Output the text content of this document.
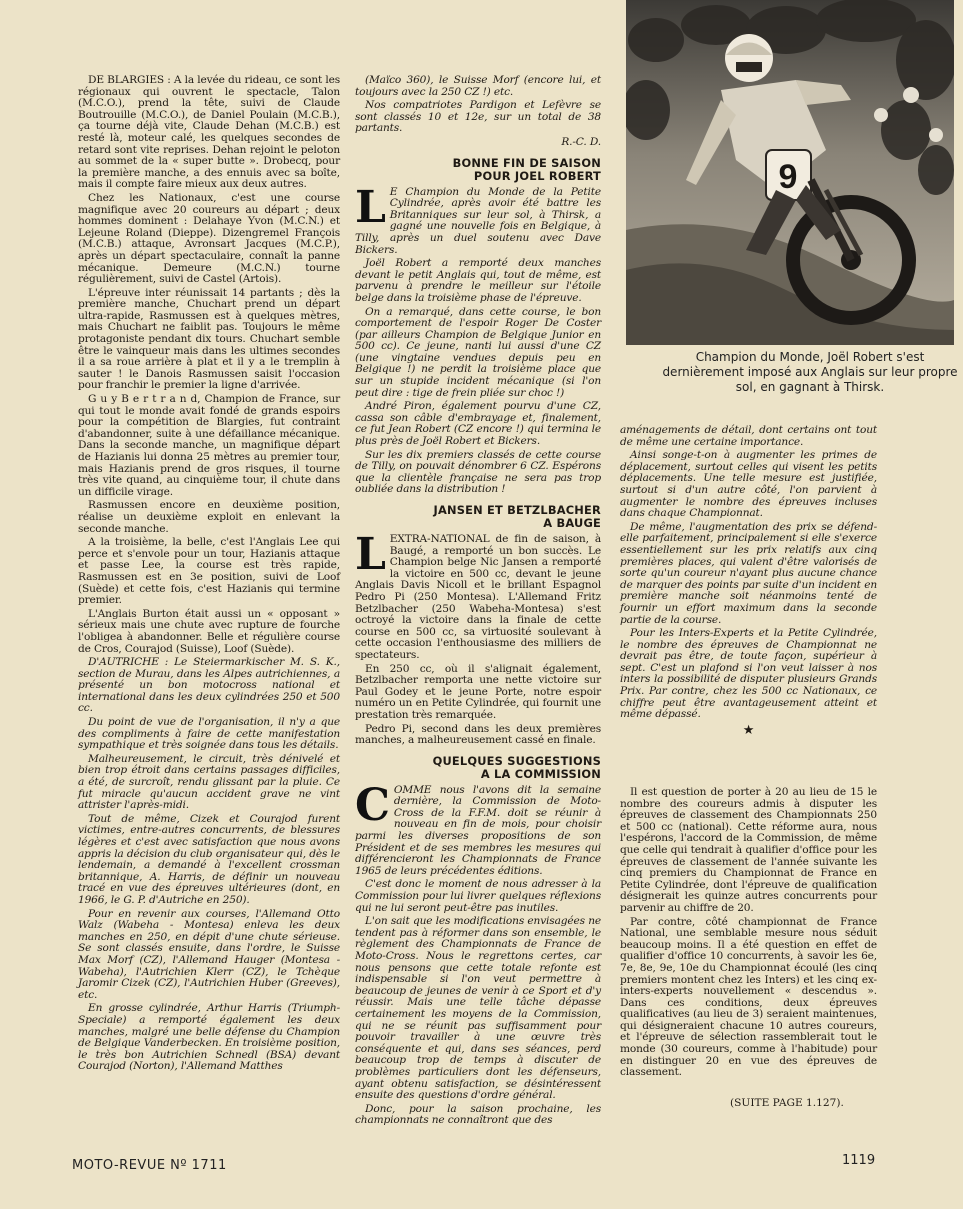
9
Champion du Monde, Joël Robert s'est dernièrement imposé aux Anglais sur leur propre sol, en gagnant à Thirsk.

DE BLARGIES : A la levée du rideau, ce sont les régionaux qui ouvrent le spectacle, Talon (M.C.O.), prend la tête, suivi de Claude Boutrouille (M.C.O.), de Daniel Poulain (M.C.B.), ça tourne déjà vite, Claude Dehan (M.C.B.) est resté là, moteur calé, les quelques secondes de retard sont vite reprises. Dehan rejoint le peloton au sommet de la « super butte ». Drobecq, pour la première manche, a des ennuis avec sa boîte, mais il compte faire mieux aux deux autres.

Chez les Nationaux, c'est une course magnifique avec 20 coureurs au départ ; deux hommes dominent : Delahaye Yvon (M.C.N.) et Lejeune Roland (Dieppe). Dizengremel François (M.C.B.) attaque, Avronsart Jacques (M.C.P.), après un départ spectaculaire, connaît la panne mécanique. Demeure (M.C.N.) tourne régulièrement, suivi de Castel (Artois).

L'épreuve inter réunissait 14 partants ; dès la première manche, Chuchart prend un départ ultra-rapide, Rasmussen est à quelques mètres, mais Chuchart ne faiblit pas. Toujours le même protagoniste pendant dix tours. Chuchart semble être le vainqueur mais dans les ultimes secondes il a sa roue arrière à plat et il y a le tremplin à sauter ! le Danois Rasmussen saisit l'occasion pour franchir le premier la ligne d'arrivée.

G u y B e r t r a n d, Champion de France, sur qui tout le monde avait fondé de grands espoirs pour la compétition de Blargies, fut contraint d'abandonner, suite à une défaillance mécanique. Dans la seconde manche, un magnifique départ de Hazianis lui donna 25 mètres au premier tour, mais Hazianis prend de gros risques, il tourne très vite quand, au cinquième tour, il chute dans un difficile virage.

Rasmussen encore en deuxième position, réalise un deuxième exploit en enlevant la seconde manche.

A la troisième, la belle, c'est l'Anglais Lee qui perce et s'envole pour un tour, Hazianis attaque et passe Lee, la course est très rapide, Rasmussen est en 3e position, suivi de Loof (Suède) et cette fois, c'est Hazianis qui termine premier.

L'Anglais Burton était aussi un « opposant » sérieux mais une chute avec rupture de fourche l'obligea à abandonner. Belle et régulière course de Cros, Courajod (Suisse), Loof (Suède).

D'AUTRICHE : Le Steiermarkischer M. S. K., section de Murau, dans les Alpes autrichiennes, a présenté un bon motocross national et international dans les deux cylindrées 250 et 500 cc.

Du point de vue de l'organisation, il n'y a que des compliments à faire de cette manifestation sympathique et très soignée dans tous les détails.

Malheureusement, le circuit, très dénivelé et bien trop étroit dans certains passages difficiles, a été, de surcroît, rendu glissant par la pluie. Ce fut miracle qu'aucun accident grave ne vint attrister l'après-midi.

Tout de même, Cizek et Courajod furent victimes, entre-autres concurrents, de blessures légères et c'est avec satisfaction que nous avons appris la décision du club organisateur qui, dès le lendemain, a demandé à l'excellent crossman britannique, A. Harris, de définir un nouveau tracé en vue des épreuves ultérieures (dont, en 1966, le G. P. d'Autriche en 250).

Pour en revenir aux courses, l'Allemand Otto Walz (Wabeha - Montesa) enleva les deux manches en 250, en dépit d'une chute sérieuse. Se sont classés ensuite, dans l'ordre, le Suisse Max Morf (CZ), l'Allemand Hauger (Montesa - Wabeha), l'Autrichien Klerr (CZ), le Tchèque Jaromir Cizek (CZ), l'Autrichien Huber (Greeves), etc.

En grosse cylindrée, Arthur Harris (Triumph-Speciale) a remporté également les deux manches, malgré une belle défense du Champion de Belgique Vanderbecken. En troisième position, le très bon Autrichien Schnedl (BSA) devant Courajod (Norton), l'Allemand Matthes

(Maïco 360), le Suisse Morf (encore lui, et toujours avec la 250 CZ !) etc.

Nos compatriotes Pardigon et Lefèvre se sont classés 10 et 12e, sur un total de 38 partants.

R.-C. D.
BONNE FIN DE SAISON
POUR JOEL ROBERT
L E Champion du Monde de la Petite Cylindrée, après avoir été battre les Britanniques sur leur sol, à Thirsk, a gagné une nouvelle fois en Belgique, à Tilly, après un duel soutenu avec Dave Bickers.

Joël Robert a remporté deux manches devant le petit Anglais qui, tout de même, est parvenu à prendre le meilleur sur l'étoile belge dans la troisième phase de l'épreuve.

On a remarqué, dans cette course, le bon comportement de l'espoir Roger De Coster (par ailleurs Champion de Belgique Junior en 500 cc). Ce jeune, nanti lui aussi d'une CZ (une vingtaine vendues depuis peu en Belgique !) ne perdit la troisième place que sur un stupide incident mécanique (si l'on peut dire : tige de frein pliée sur choc !)

André Piron, également pourvu d'une CZ, cassa son câble d'embrayage et, finalement, ce fut Jean Robert (CZ encore !) qui termina le plus près de Joël Robert et Bickers.

Sur les dix premiers classés de cette course de Tilly, on pouvait dénombrer 6 CZ. Espérons que la clientèle française ne sera pas trop oubliée dans la distribution !

JANSEN ET BETZLBACHER
A BAUGE
L EXTRA-NATIONAL de fin de saison, à Baugé, a remporté un bon succès. Le Champion belge Nic Jansen a remporté la victoire en 500 cc, devant le jeune Anglais Davis Nicoll et le brillant Espagnol Pedro Pi (250 Montesa). L'Allemand Fritz Betzlbacher (250 Wabeha-Montesa) s'est octroyé la victoire dans la finale de cette course en 500 cc, sa virtuosité soulevant à cette occasion l'enthousiasme des milliers de spectateurs.

En 250 cc, où il s'alignait également, Betzlbacher remporta une nette victoire sur Paul Godey et le jeune Porte, notre espoir numéro un en Petite Cylindrée, qui fournit une prestation très remarquée.

Pedro Pi, second dans les deux premières manches, a malheureusement cassé en finale.

QUELQUES SUGGESTIONS
A LA COMMISSION
C OMME nous l'avons dit la semaine dernière, la Commission de Moto-Cross de la F.F.M. doit se réunir à nouveau en fin de mois, pour choisir parmi les diverses propositions de son Président et de ses membres les mesures qui différencieront les Championnats de France 1965 de leurs précédentes éditions.

C'est donc le moment de nous adresser à la Commission pour lui livrer quelques réflexions qui ne lui seront peut-être pas inutiles.

L'on sait que les modifications envisagées ne tendent pas à réformer dans son ensemble, le règlement des Championnats de France de Moto-Cross. Nous le regrettons certes, car nous pensons que cette totale refonte est indispensable si l'on veut permettre à beaucoup de jeunes de venir à ce Sport et d'y réussir. Mais une telle tâche dépasse certainement les moyens de la Commission, qui ne se réunit pas suffisamment pour pouvoir travailler à une œuvre très conséquente et qui, dans ses séances, perd beaucoup trop de temps à discuter de problèmes particuliers dont les défenseurs, ayant obtenu satisfaction, se désintéressent ensuite des questions d'ordre général.

Donc, pour la saison prochaine, les championnats ne connaîtront que des

aménagements de détail, dont certains ont tout de même une certaine importance.

Ainsi songe-t-on à augmenter les primes de déplacement, surtout celles qui visent les petits déplacements. Une telle mesure est justifiée, surtout si d'un autre côté, l'on parvient à augmenter le nombre des épreuves incluses dans chaque Championnat.

De même, l'augmentation des prix se défend-elle parfaitement, principalement si elle s'exerce essentiellement sur les prix relatifs aux cinq premières places, qui valent d'être valorisés de sorte qu'un coureur n'ayant plus aucune chance de marquer des points par suite d'un incident en première manche soit néanmoins tenté de fournir un effort maximum dans la seconde partie de la course.

Pour les Inters-Experts et la Petite Cylindrée, le nombre des épreuves de Championnat ne devrait pas être, de toute façon, supérieur à sept. C'est un plafond si l'on veut laisser à nos inters la possibilité de disputer plusieurs Grands Prix. Par contre, chez les 500 cc Nationaux, ce chiffre peut être avantageusement atteint et même dépassé.

★

Il est question de porter à 20 au lieu de 15 le nombre des coureurs admis à disputer les épreuves de classement des Championnats 250 et 500 cc (national). Cette réforme aura, nous l'espérons, l'accord de la Commission, de même que celle qui tendrait à qualifier d'office pour les épreuves de classement de l'année suivante les cinq premiers du Championnat de France en Petite Cylindrée, dont l'épreuve de qualification désignerait les quinze autres concurrents pour parvenir au chiffre de 20.

Par contre, côté championnat de France National, une semblable mesure nous séduit beaucoup moins. Il a été question en effet de qualifier d'office 10 concurrents, à savoir les 6e, 7e, 8e, 9e, 10e du Championnat écoulé (les cinq premiers montent chez les Inters) et les cinq ex-inters-experts nouvellement « descendus ». Dans ces conditions, deux épreuves qualificatives (au lieu de 3) seraient maintenues, qui désigneraient chacune 10 autres coureurs, et l'épreuve de sélection rassemblerait tout le monde (30 coureurs, comme à l'habitude) pour en distinguer 20 en vue des épreuves de classement.

(SUITE PAGE 1.127).
MOTO-REVUE Nº 1711	1119
